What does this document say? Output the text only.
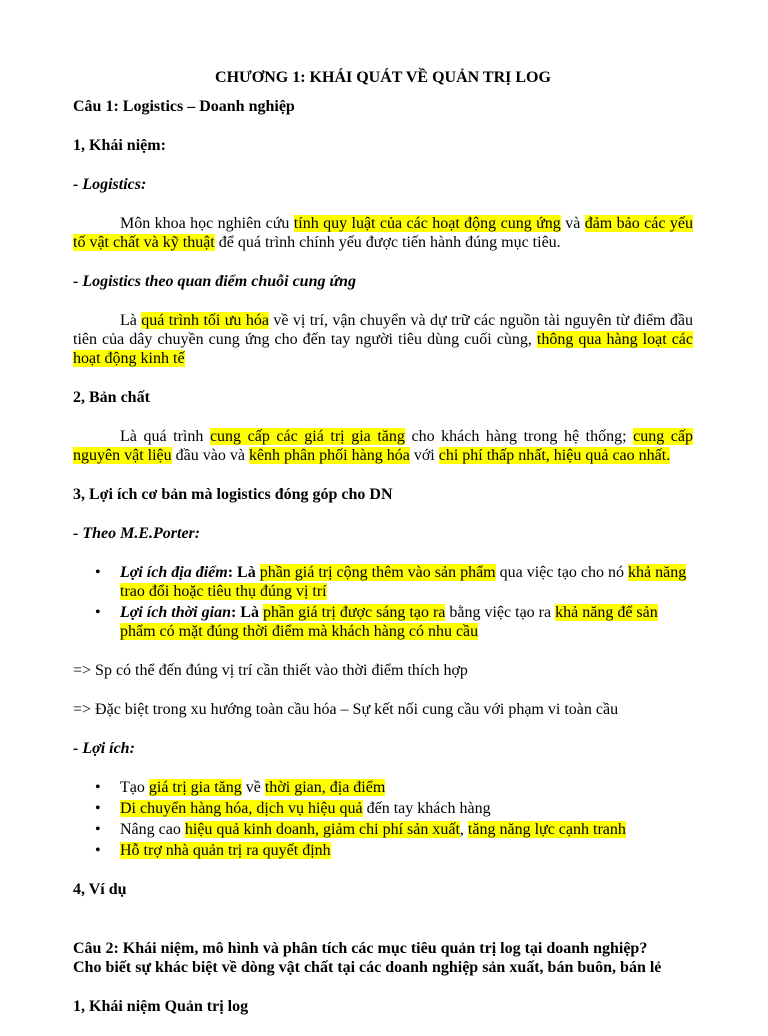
CHƯƠNG 1: KHÁI QUÁT VỀ QUẢN TRỊ LOG

Câu 1: Logistics – Doanh nghiệp

1, Khái niệm:

- Logistics:

Môn khoa học nghiên cứu tính quy luật của các hoạt động cung ứng và đảm bảo các yếu tố vật chất và kỹ thuật để quá trình chính yếu được tiến hành đúng mục tiêu.

- Logistics theo quan điểm chuỗi cung ứng

Là quá trình tối ưu hóa về vị trí, vận chuyển và dự trữ các nguồn tài nguyên từ điểm đầu tiên của dây chuyền cung ứng cho đến tay người tiêu dùng cuối cùng, thông qua hàng loạt các hoạt động kinh tế

2, Bản chất

Là quá trình cung cấp các giá trị gia tăng cho khách hàng trong hệ thống; cung cấp nguyên vật liệu đầu vào và kênh phân phối hàng hóa với chi phí thấp nhất, hiệu quả cao nhất.

3, Lợi ích cơ bản mà logistics đóng góp cho DN

- Theo M.E.Porter:

• Lợi ích địa điểm: Là phần giá trị cộng thêm vào sản phẩm qua việc tạo cho nó khả năng trao đổi hoặc tiêu thụ đúng vị trí
• Lợi ích thời gian: Là phần giá trị được sáng tạo ra bằng việc tạo ra khả năng để sản phẩm có mặt đúng thời điểm mà khách hàng có nhu cầu

=> Sp có thể đến đúng vị trí cần thiết vào thời điểm thích hợp

=> Đặc biệt trong xu hướng toàn cầu hóa – Sự kết nối cung cầu với phạm vi toàn cầu

- Lợi ích:

• Tạo giá trị gia tăng về thời gian, địa điểm
• Di chuyển hàng hóa, dịch vụ hiệu quả đến tay khách hàng
• Nâng cao hiệu quả kinh doanh, giảm chi phí sản xuất, tăng năng lực cạnh tranh
• Hỗ trợ nhà quản trị ra quyết định

4, Ví dụ

Câu 2: Khái niệm, mô hình và phân tích các mục tiêu quản trị log tại doanh nghiệp?
Cho biết sự khác biệt về dòng vật chất tại các doanh nghiệp sản xuất, bán buôn, bán lẻ

1, Khái niệm Quản trị log
